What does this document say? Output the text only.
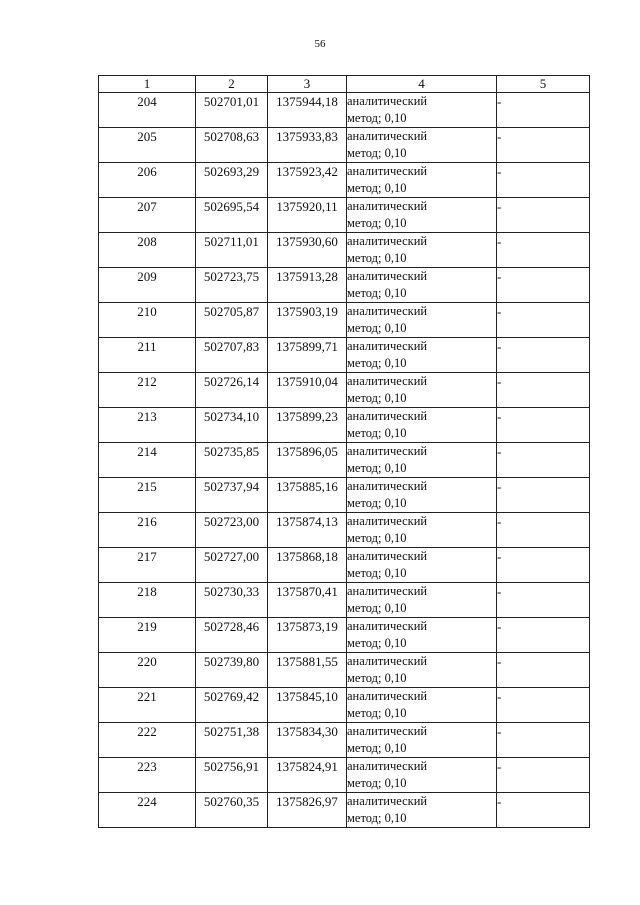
56
1	2	3	4	5
204	502701,01	1375944,18	аналитический
метод; 0,10	-
205	502708,63	1375933,83	аналитический
метод; 0,10	-
206	502693,29	1375923,42	аналитический
метод; 0,10	-
207	502695,54	1375920,11	аналитический
метод; 0,10	-
208	502711,01	1375930,60	аналитический
метод; 0,10	-
209	502723,75	1375913,28	аналитический
метод; 0,10	-
210	502705,87	1375903,19	аналитический
метод; 0,10	-
211	502707,83	1375899,71	аналитический
метод; 0,10	-
212	502726,14	1375910,04	аналитический
метод; 0,10	-
213	502734,10	1375899,23	аналитический
метод; 0,10	-
214	502735,85	1375896,05	аналитический
метод; 0,10	-
215	502737,94	1375885,16	аналитический
метод; 0,10	-
216	502723,00	1375874,13	аналитический
метод; 0,10	-
217	502727,00	1375868,18	аналитический
метод; 0,10	-
218	502730,33	1375870,41	аналитический
метод; 0,10	-
219	502728,46	1375873,19	аналитический
метод; 0,10	-
220	502739,80	1375881,55	аналитический
метод; 0,10	-
221	502769,42	1375845,10	аналитический
метод; 0,10	-
222	502751,38	1375834,30	аналитический
метод; 0,10	-
223	502756,91	1375824,91	аналитический
метод; 0,10	-
224	502760,35	1375826,97	аналитический
метод; 0,10	-
